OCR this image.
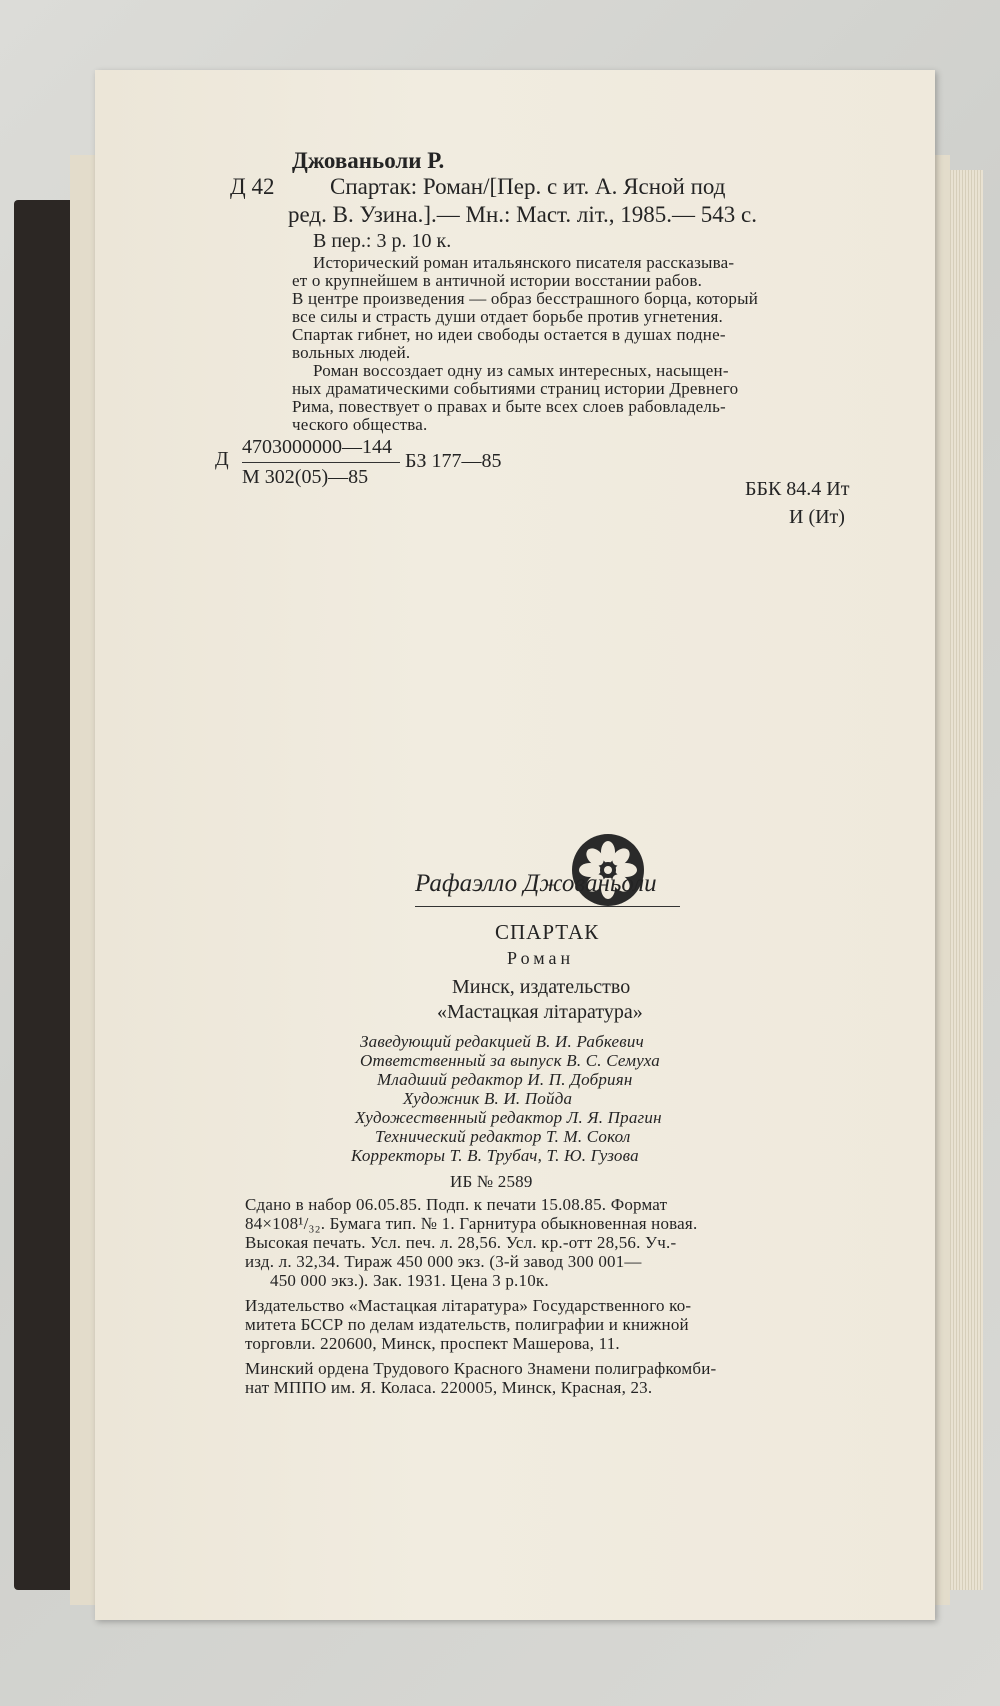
Джованьоли Р.
Д 42 Спартак: Роман/[Пер. с ит. А. Ясной под
ред. В. Узина.].— Мн.: Маст. літ., 1985.— 543 с.
В пер.: 3 р. 10 к.
Исторический роман итальянского писателя рассказыва-
ет о крупнейшем в античной истории восстании рабов.
В центре произведения — образ бесстрашного борца, который
все силы и страсть души отдает борьбе против угнетения.
Спартак гибнет, но идеи свободы остается в душах подне-
вольных людей.
Роман воссоздает одну из самых интересных, насыщен-
ных драматическими событиями страниц истории Древнего
Рима, повествует о правах и быте всех слоев рабовладель-
ческого общества.
Д
4703000000—144
М 302(05)—85
БЗ 177—85
ББК 84.4 Ит
И (Ит)
Рафаэлло Джованьоли
СПАРТАК
Роман
Минск, издательство
«Мастацкая літаратура»
Заведующий редакцией В. И. Рабкевич
Ответственный за выпуск В. С. Семуха
Младший редактор И. П. Добриян
Художник В. И. Пойда
Художественный редактор Л. Я. Прагин
Технический редактор Т. М. Сокол
Корректоры Т. В. Трубач, Т. Ю. Гузова
ИБ № 2589
Сдано в набор 06.05.85. Подп. к печати 15.08.85. Формат
84×108¹/₃₂. Бумага тип. № 1. Гарнитура обыкновенная новая.
Высокая печать. Усл. печ. л. 28,56. Усл. кр.-отт 28,56. Уч.-
изд. л. 32,34. Тираж 450 000 экз. (3-й завод 300 001—
450 000 экз.). Зак. 1931. Цена 3 р.10к.
Издательство «Мастацкая літаратура» Государственного ко-
митета БССР по делам издательств, полиграфии и книжной
торговли. 220600, Минск, проспект Машерова, 11.
Минский ордена Трудового Красного Знамени полиграфкомби-
нат МППО им. Я. Коласа. 220005, Минск, Красная, 23.
